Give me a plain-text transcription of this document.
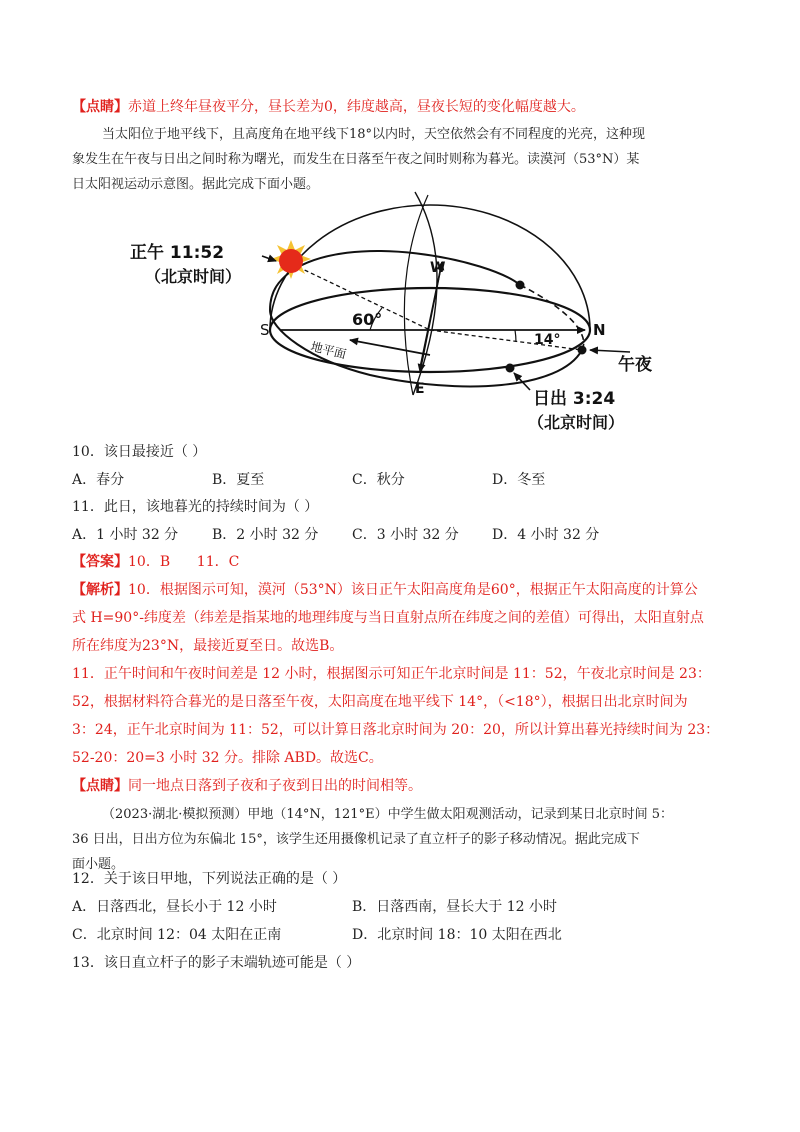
【点睛】赤道上终年昼夜平分，昼长差为0，纬度越高，昼夜长短的变化幅度越大。
当太阳位于地平线下，且高度角在地平线下18°以内时，天空依然会有不同程度的光亮，这种现
象发生在午夜与日出之间时称为曙光，而发生在日落至午夜之间时则称为暮光。读漠河（53°N）某
日太阳视运动示意图。据此完成下面小题。
正午 11:52
（北京时间）
S	N
W
E
60°
14°
地平面
午夜
日出 3:24
（北京时间）
10．该日最接近（ ）
A．春分	B．夏至	C．秋分	D．冬至
11．此日，该地暮光的持续时间为（ ）
A．1 小时 32 分 B．2 小时 32 分 C．3 小时 32 分 D．4 小时 32 分
【答案】10．B      11．C
【解析】10．根据图示可知，漠河（53°N）该日正午太阳高度角是60°，根据正午太阳高度的计算公
式 H=90°-纬度差（纬差是指某地的地理纬度与当日直射点所在纬度之间的差值）可得出，太阳直射点
所在纬度为23°N，最接近夏至日。故选B。
11．正午时间和午夜时间差是 12 小时，根据图示可知正午北京时间是 11：52，午夜北京时间是 23：
52，根据材料符合暮光的是日落至午夜，太阳高度在地平线下 14°，（<18°），根据日出北京时间为
3：24，正午北京时间为 11：52，可以计算日落北京时间为 20：20，所以计算出暮光持续时间为 23：
52-20：20=3 小时 32 分。排除 ABD。故选C。
【点睛】同一地点日落到子夜和子夜到日出的时间相等。
（2023·湖北·模拟预测）甲地（14°N，121°E）中学生做太阳观测活动，记录到某日北京时间 5：
36 日出，日出方位为东偏北 15°，该学生还用摄像机记录了直立杆子的影子移动情况。据此完成下
面小题。
12．关于该日甲地，下列说法正确的是（ ）
A．日落西北，昼长小于 12 小时	B．日落西南，昼长大于 12 小时
C．北京时间 12：04 太阳在正南	D．北京时间 18：10 太阳在西北
13．该日直立杆子的影子末端轨迹可能是（ ）
